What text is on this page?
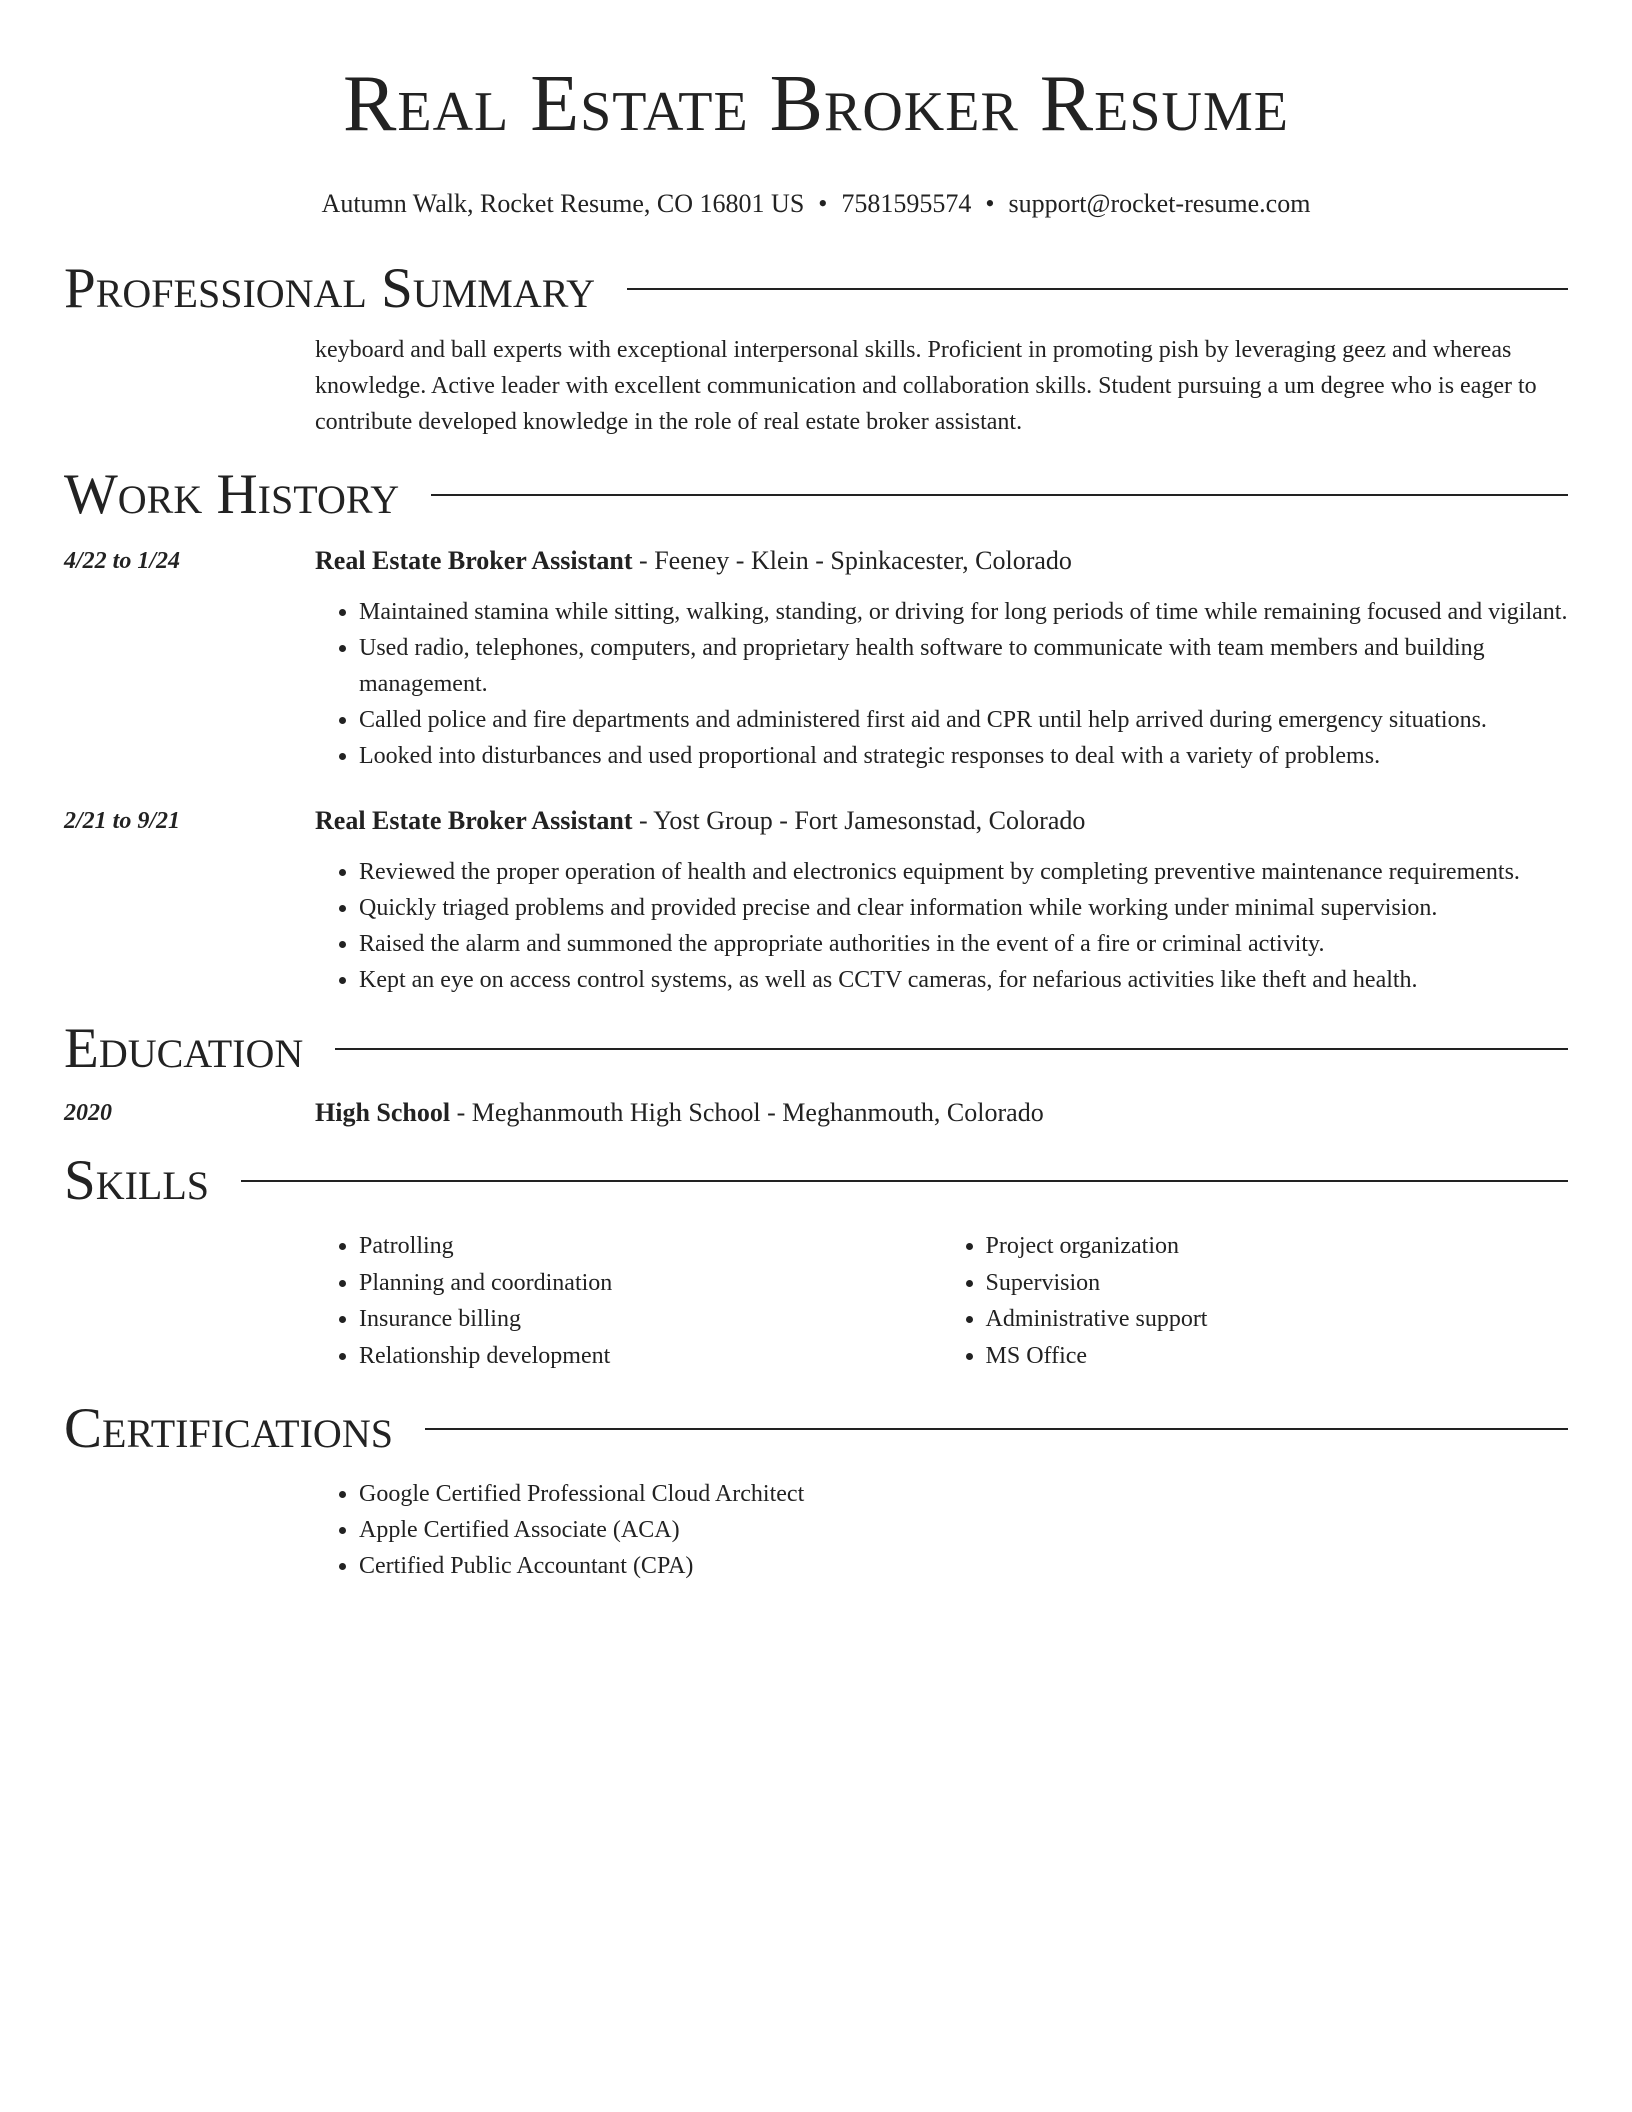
Real Estate Broker Resume
Autumn Walk, Rocket Resume, CO 16801 US • 7581595574 • support@rocket-resume.com
Professional Summary

keyboard and ball experts with exceptional interpersonal skills. Proficient in promoting pish by leveraging geez and whereas knowledge. Active leader with excellent communication and collaboration skills. Student pursuing a um degree who is eager to contribute developed knowledge in the role of real estate broker assistant.

Work History
4/22 to 1/24	Real Estate Broker Assistant - Feeney - Klein - Spinkacester, Colorado
• Maintained stamina while sitting, walking, standing, or driving for long periods of time while remaining focused and vigilant.
• Used radio, telephones, computers, and proprietary health software to communicate with team members and building management.
• Called police and fire departments and administered first aid and CPR until help arrived during emergency situations.
• Looked into disturbances and used proportional and strategic responses to deal with a variety of problems.
2/21 to 9/21	Real Estate Broker Assistant - Yost Group - Fort Jamesonstad, Colorado
• Reviewed the proper operation of health and electronics equipment by completing preventive maintenance requirements.
• Quickly triaged problems and provided precise and clear information while working under minimal supervision.
• Raised the alarm and summoned the appropriate authorities in the event of a fire or criminal activity.
• Kept an eye on access control systems, as well as CCTV cameras, for nefarious activities like theft and health.
Education
2020	High School - Meghanmouth High School - Meghanmouth, Colorado
Skills
• Patrolling
• Planning and coordination
• Insurance billing
• Relationship development
• Project organization
• Supervision
• Administrative support
• MS Office
Certifications
• Google Certified Professional Cloud Architect
• Apple Certified Associate (ACA)
• Certified Public Accountant (CPA)
